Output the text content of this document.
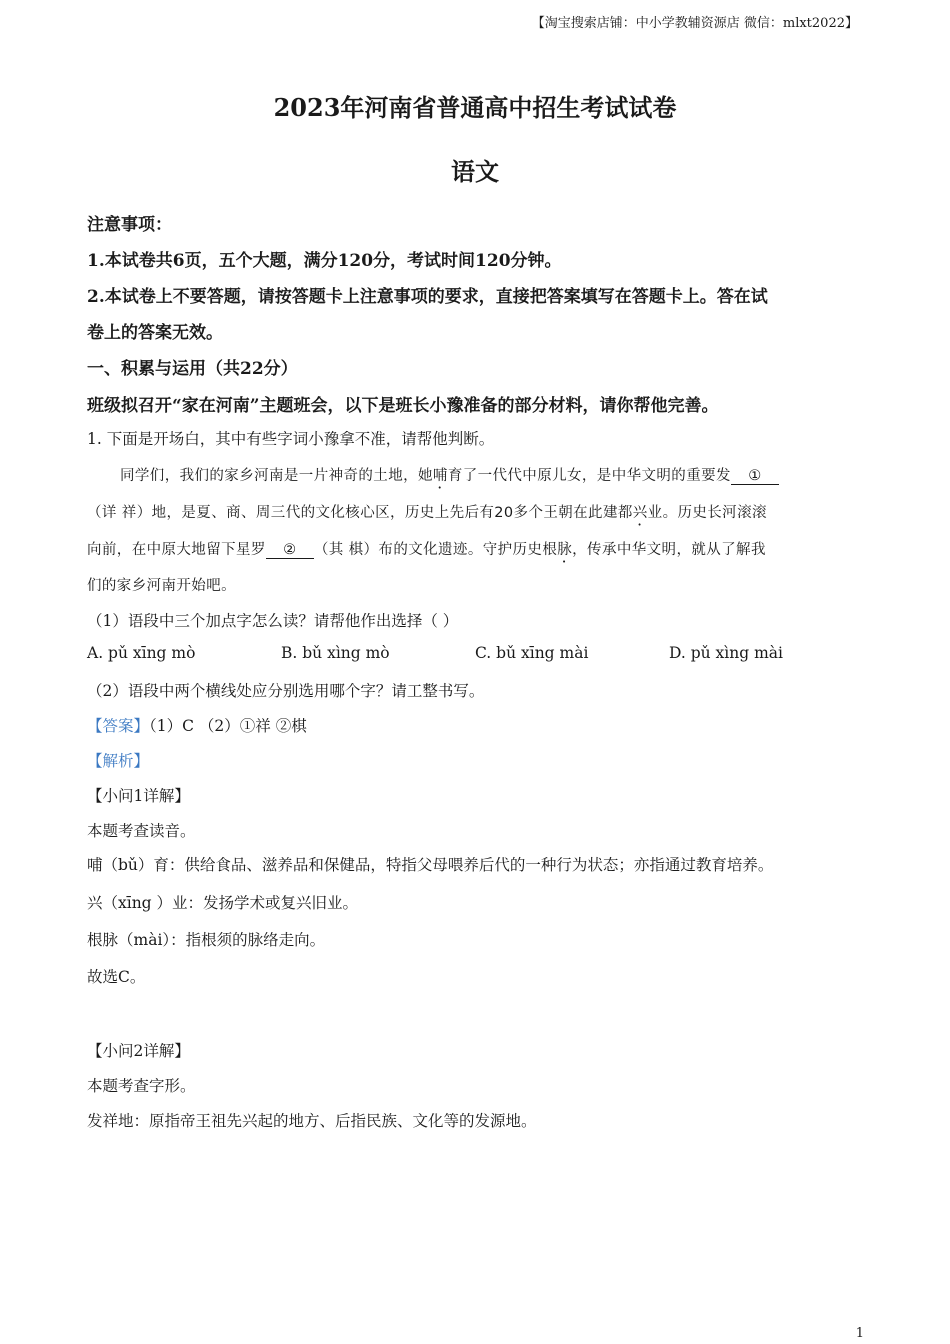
【淘宝搜索店铺：中小学教辅资源店 微信：mlxt2022】
2023年河南省普通高中招生考试试卷
语文
注意事项：
1.本试卷共6页，五个大题，满分120分，考试时间120分钟。
2.本试卷上不要答题，请按答题卡上注意事项的要求，直接把答案填写在答题卡上。答在试
卷上的答案无效。
一、积累与运用（共22分）
班级拟召开“家在河南”主题班会，以下是班长小豫准备的部分材料，请你帮他完善。
1. 下面是开场白，其中有些字词小豫拿不准，请帮他判断。
同学们，我们的家乡河南是一片神奇的土地，她哺育了一代代中原儿女，是中华文明的重要发 ①
（详 祥）地，是夏、商、周三代的文化核心区，历史上先后有20多个王朝在此建都兴业。历史长河滚滚
向前，在中原大地留下星罗 ② （其 棋）布的文化遗迹。守护历史根脉，传承中华文明，就从了解我
们的家乡河南开始吧。
（1）语段中三个加点字怎么读？请帮他作出选择（ ）
A. pǔ xīng mò	B. bǔ xìng mò	C. bǔ xīng mài	D. pǔ xìng mài
（2）语段中两个横线处应分别选用哪个字？请工整书写。
【答案】（1）C （2）①祥 ②棋
【解析】
【小问1详解】
本题考查读音。
哺（bǔ）育：供给食品、滋养品和保健品，特指父母喂养后代的一种行为状态；亦指通过教育培养。
兴（xīng ）业：发扬学术或复兴旧业。
根脉（mài）：指根须的脉络走向。
故选C。
【小问2详解】
本题考查字形。
发祥地：原指帝王祖先兴起的地方、后指民族、文化等的发源地。
1
